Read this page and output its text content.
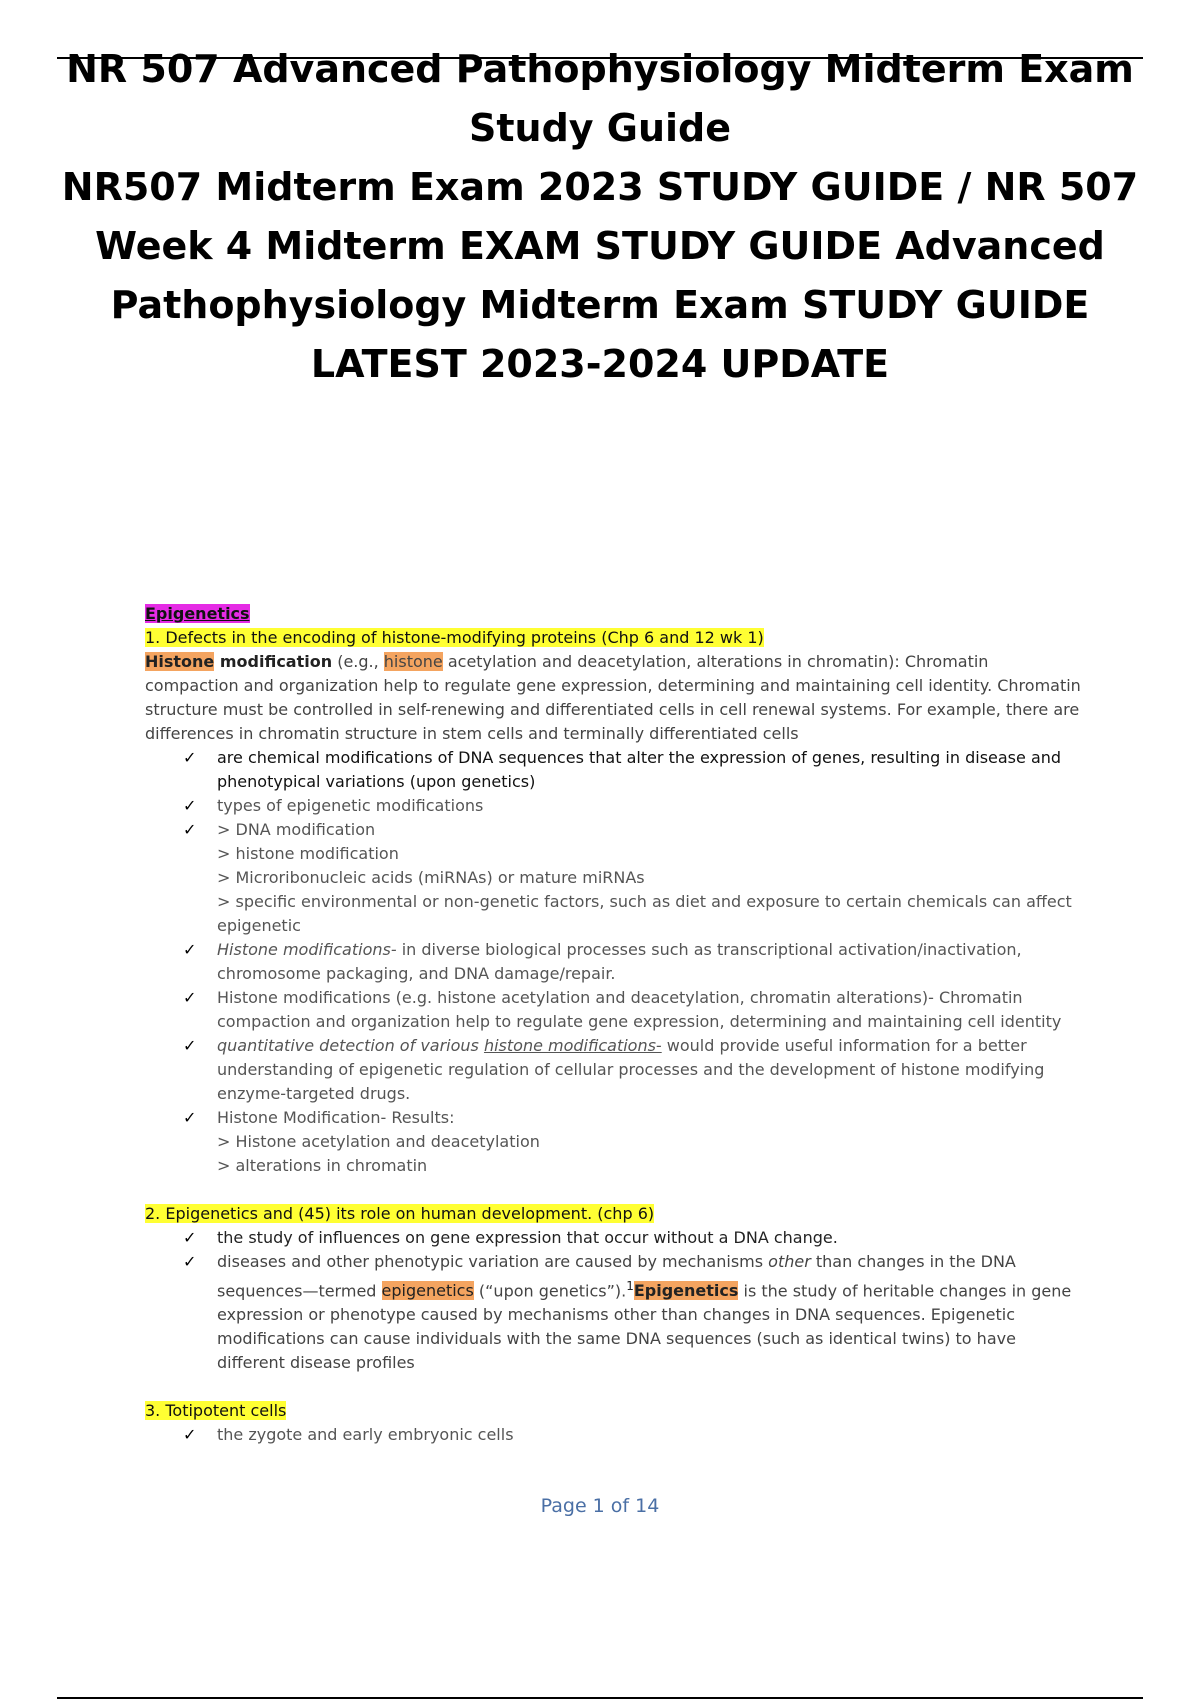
NR 507 Advanced Pathophysiology Midterm Exam
Study Guide
NR507 Midterm Exam 2023 STUDY GUIDE / NR 507
Week 4 Midterm EXAM STUDY GUIDE Advanced
Pathophysiology Midterm Exam STUDY GUIDE
LATEST 2023-2024 UPDATE
Epigenetics
1. Defects in the encoding of histone-modifying proteins (Chp 6 and 12 wk 1)
Histone modification (e.g., histone acetylation and deacetylation, alterations in chromatin): Chromatin compaction and organization help to regulate gene expression, determining and maintaining cell identity. Chromatin structure must be controlled in self-renewing and differentiated cells in cell renewal systems. For example, there are differences in chromatin structure in stem cells and terminally differentiated cells
✓ are chemical modifications of DNA sequences that alter the expression of genes, resulting in disease and phenotypical variations (upon genetics)
✓ types of epigenetic modifications
✓ > DNA modification
> histone modification
> Microribonucleic acids (miRNAs) or mature miRNAs
> specific environmental or non-genetic factors, such as diet and exposure to certain chemicals can affect epigenetic
✓ Histone modifications- in diverse biological processes such as transcriptional activation/inactivation, chromosome packaging, and DNA damage/repair.
✓ Histone modifications (e.g. histone acetylation and deacetylation, chromatin alterations)- Chromatin compaction and organization help to regulate gene expression, determining and maintaining cell identity
✓ quantitative detection of various histone modifications- would provide useful information for a better understanding of epigenetic regulation of cellular processes and the development of histone modifying enzyme-targeted drugs.
✓ Histone Modification- Results:
> Histone acetylation and deacetylation
> alterations in chromatin
2. Epigenetics and (45) its role on human development. (chp 6)
✓ the study of influences on gene expression that occur without a DNA change.
✓ diseases and other phenotypic variation are caused by mechanisms other than changes in the DNA sequences—termed epigenetics (“upon genetics”).$^1$Epigenetics is the study of heritable changes in gene expression or phenotype caused by mechanisms other than changes in DNA sequences. Epigenetic modifications can cause individuals with the same DNA sequences (such as identical twins) to have different disease profiles
3. Totipotent cells
✓ the zygote and early embryonic cells
Page 1 of 14
